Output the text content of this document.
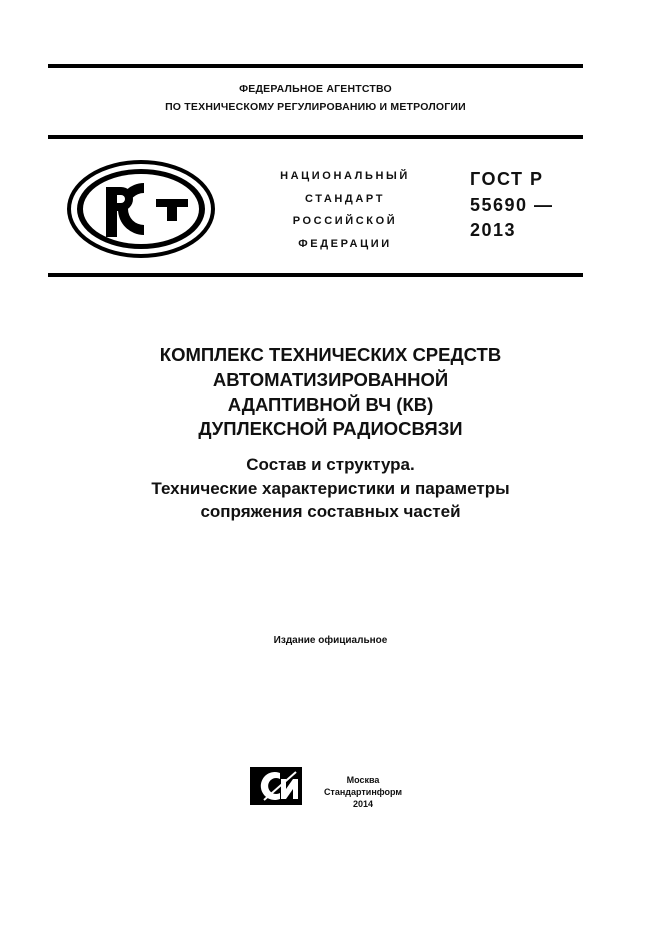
ФЕДЕРАЛЬНОЕ АГЕНТСТВО
ПО ТЕХНИЧЕСКОМУ РЕГУЛИРОВАНИЮ И МЕТРОЛОГИИ
НАЦИОНАЛЬНЫЙ
СТАНДАРТ
РОССИЙСКОЙ
ФЕДЕРАЦИИ
ГОСТ Р
55690 —
2013
КОМПЛЕКС ТЕХНИЧЕСКИХ СРЕДСТВ
АВТОМАТИЗИРОВАННОЙ
АДАПТИВНОЙ ВЧ (КВ)
ДУПЛЕКСНОЙ РАДИОСВЯЗИ
Состав и структура.
Технические характеристики и параметры
сопряжения составных частей
Издание официальное
Москва
Стандартинформ
2014
